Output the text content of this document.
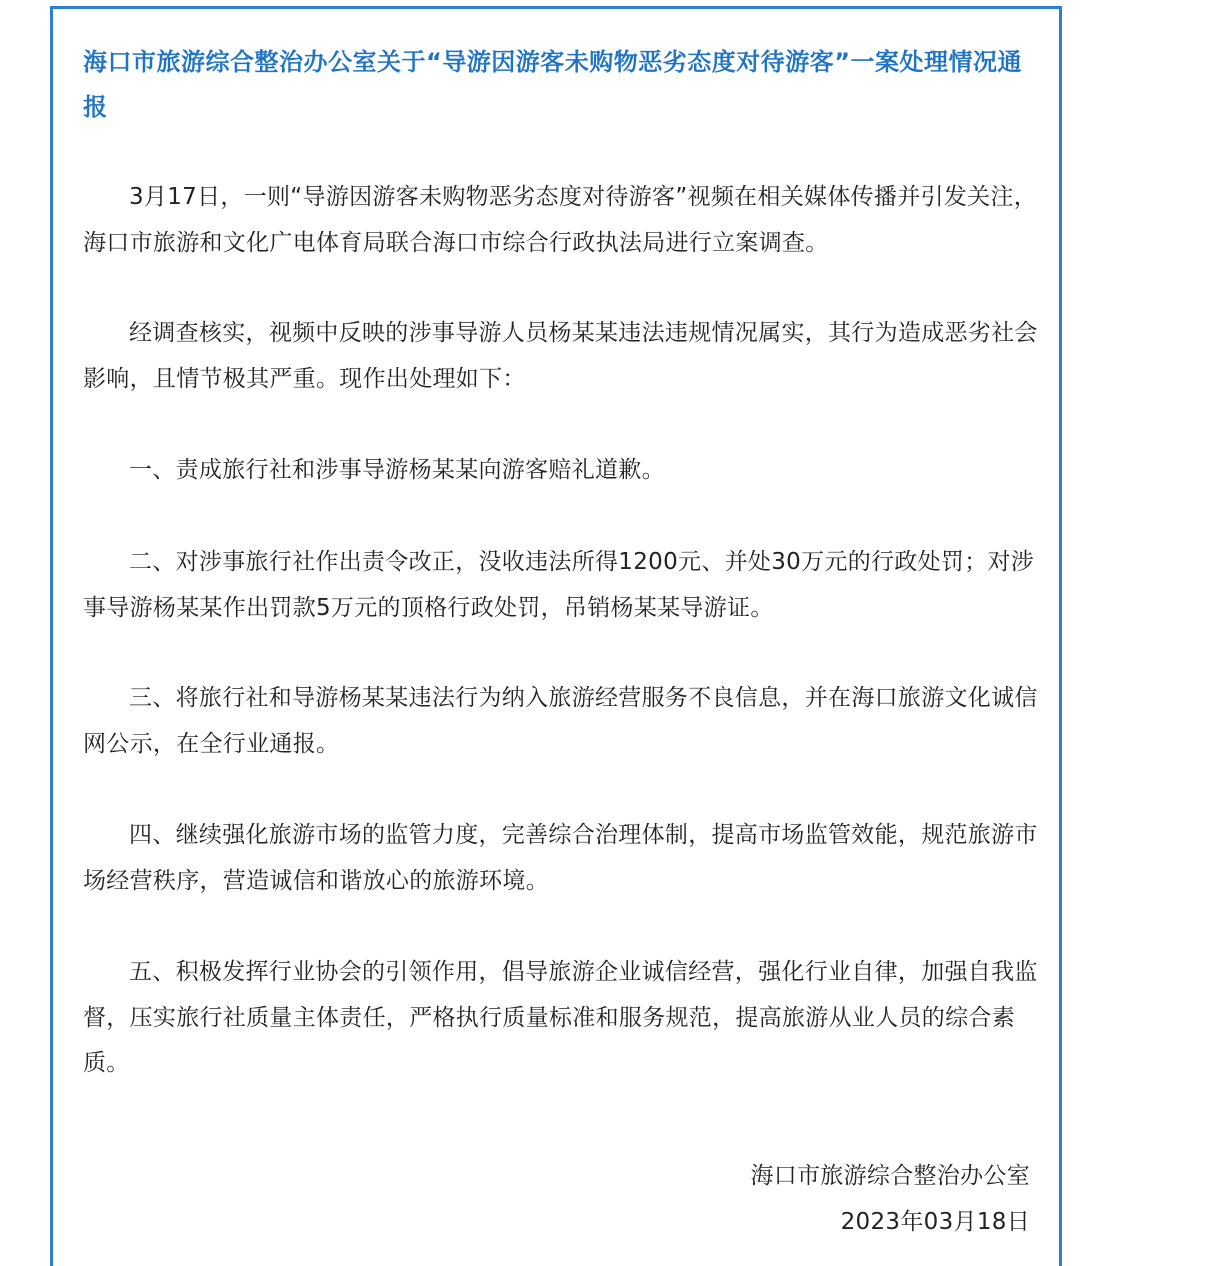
海口市旅游综合整治办公室关于“导游因游客未购物恶劣态度对待游客”一案处理情况通报

3月17日，一则“导游因游客未购物恶劣态度对待游客”视频在相关媒体传播并引发关注，海口市旅游和文化广电体育局联合海口市综合行政执法局进行立案调查。

经调查核实，视频中反映的涉事导游人员杨某某违法违规情况属实，其行为造成恶劣社会影响，且情节极其严重。现作出处理如下：

一、责成旅行社和涉事导游杨某某向游客赔礼道歉。

二、对涉事旅行社作出责令改正，没收违法所得1200元、并处30万元的行政处罚；对涉事导游杨某某作出罚款5万元的顶格行政处罚，吊销杨某某导游证。

三、将旅行社和导游杨某某违法行为纳入旅游经营服务不良信息，并在海口旅游文化诚信网公示，在全行业通报。

四、继续强化旅游市场的监管力度，完善综合治理体制，提高市场监管效能，规范旅游市场经营秩序，营造诚信和谐放心的旅游环境。

五、积极发挥行业协会的引领作用，倡导旅游企业诚信经营，强化行业自律，加强自我监督，压实旅行社质量主体责任，严格执行质量标准和服务规范，提高旅游从业人员的综合素质。

海口市旅游综合整治办公室
2023年03月18日
